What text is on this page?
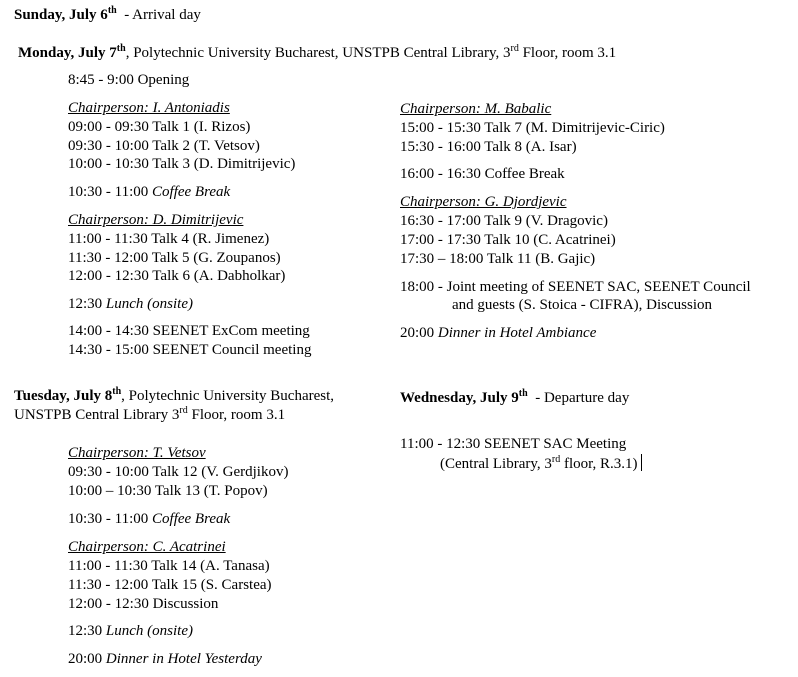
Sunday, July 6th  - Arrival day
Monday, July 7th, Polytechnic University Bucharest, UNSTPB Central Library, 3rd Floor, room 3.1
8:45 - 9:00 Opening
Chairperson: I. Antoniadis
09:00 - 09:30 Talk 1 (I. Rizos)
09:30 - 10:00 Talk 2 (T. Vetsov)
10:00 - 10:30 Talk 3 (D. Dimitrijevic)
10:30 - 11:00 Coffee Break
Chairperson: D. Dimitrijevic
11:00 - 11:30 Talk 4 (R. Jimenez)
11:30 - 12:00 Talk 5 (G. Zoupanos)
12:00 - 12:30 Talk 6 (A. Dabholkar)
12:30 Lunch (onsite)
14:00 - 14:30 SEENET ExCom meeting
14:30 - 15:00 SEENET Council meeting
Chairperson: M. Babalic
15:00 - 15:30 Talk 7 (M. Dimitrijevic-Ciric)
15:30 - 16:00 Talk 8 (A. Isar)
16:00 - 16:30 Coffee Break
Chairperson: G. Djordjevic
16:30 - 17:00 Talk 9 (V. Dragovic)
17:00 - 17:30 Talk 10 (C. Acatrinei)
17:30 – 18:00 Talk 11 (B. Gajic)
18:00 - Joint meeting of SEENET SAC, SEENET Council
and guests (S. Stoica - CIFRA), Discussion
20:00 Dinner in Hotel Ambiance
Tuesday, July 8th, Polytechnic University Bucharest,
UNSTPB Central Library 3rd Floor, room 3.1
Chairperson: T. Vetsov
09:30 - 10:00 Talk 12 (V. Gerdjikov)
10:00 – 10:30 Talk 13 (T. Popov)
10:30 - 11:00 Coffee Break
Chairperson: C. Acatrinei
11:00 - 11:30 Talk 14 (A. Tanasa)
11:30 - 12:00 Talk 15 (S. Carstea)
12:00 - 12:30 Discussion
12:30 Lunch (onsite)
20:00 Dinner in Hotel Yesterday
Wednesday, July 9th  - Departure day
11:00 - 12:30 SEENET SAC Meeting
(Central Library, 3rd floor, R.3.1)
